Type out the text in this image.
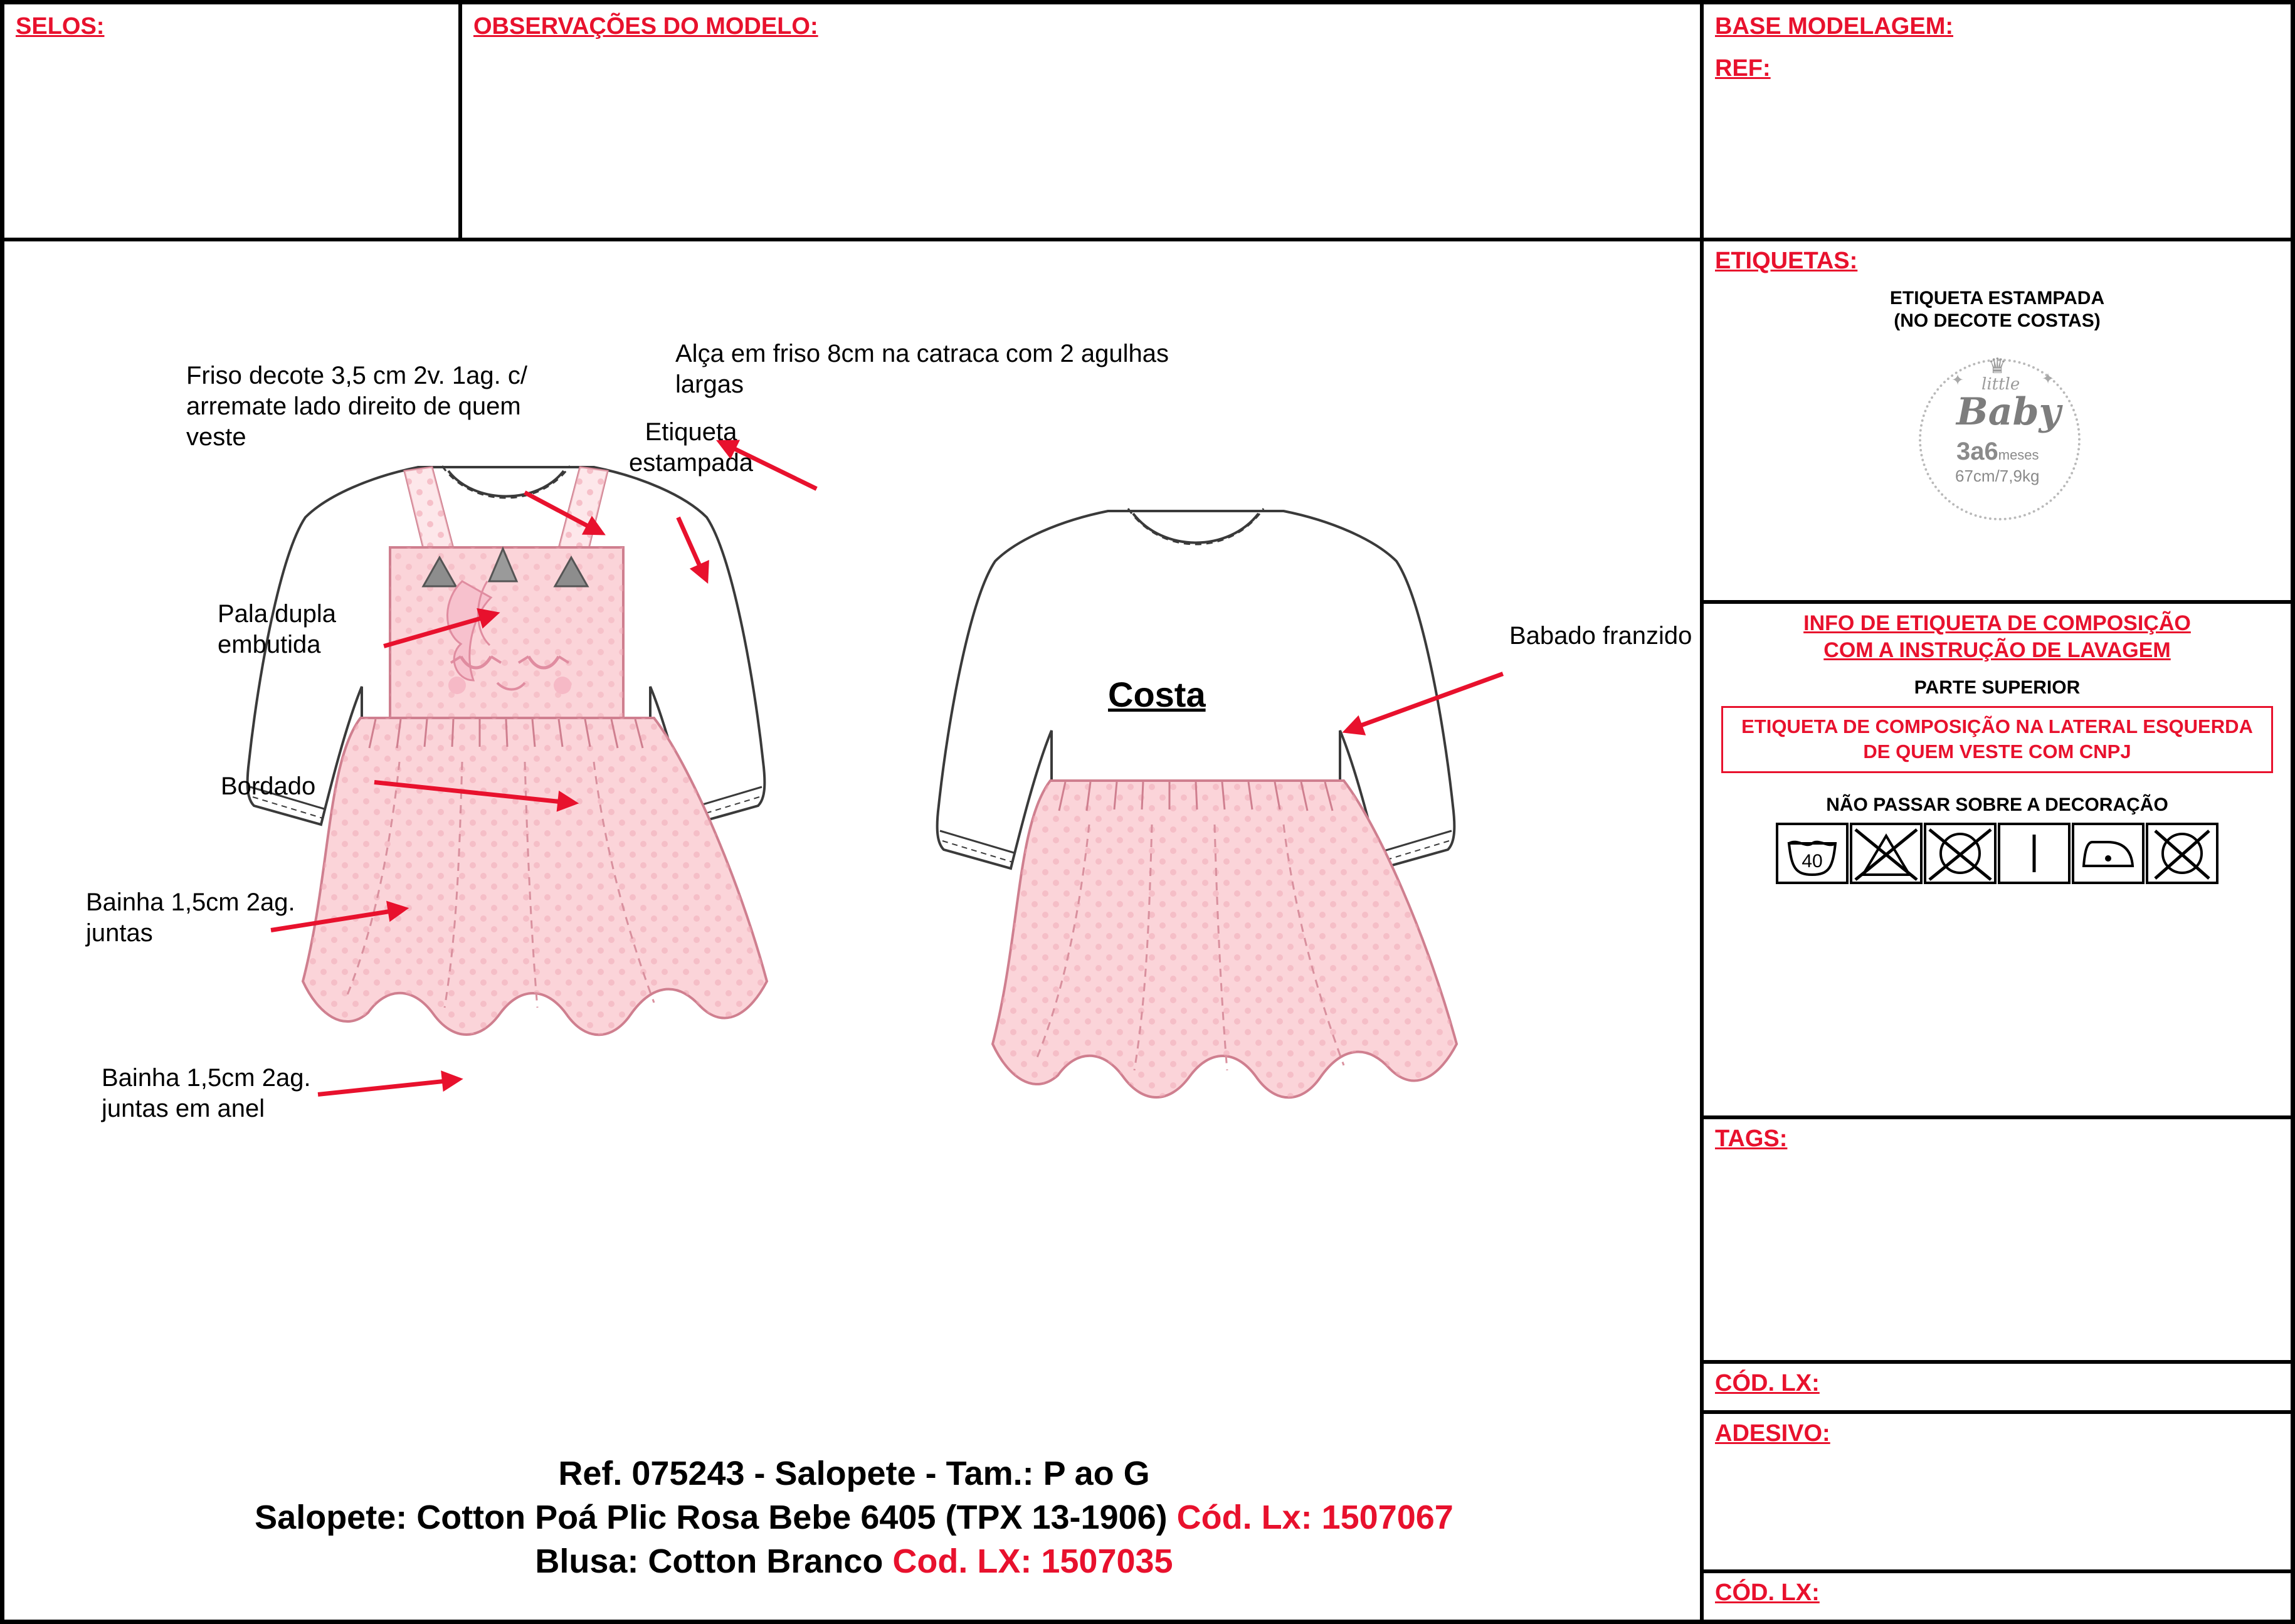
SELOS:	OBSERVAÇÕES DO MODELO:	BASE MODELAGEM:
REF:
Costa
Friso decote 3,5 cm 2v. 1ag. c/ arremate lado direito de quem veste	Etiqueta estampada
Alça em friso 8cm na catraca com 2 agulhas largas
Pala dupla embutida
Bordado
Bainha 1,5cm 2ag. juntas
Bainha 1,5cm 2ag. juntas em anel
Babado franzido
Ref. 075243 - Salopete - Tam.: P ao G
Salopete: Cotton Poá Plic Rosa Bebe 6405 (TPX 13-1906) Cód. Lx: 1507067
Blusa: Cotton Branco Cod. LX: 1507035
ETIQUETAS:
ETIQUETA ESTAMPADA
(NO DECOTE COSTAS)
♛
✦	✦
little
Baby
3a6meses
67cm/7,9kg
INFO DE ETIQUETA DE COMPOSIÇÃO
COM A INSTRUÇÃO DE LAVAGEM
PARTE SUPERIOR
ETIQUETA DE COMPOSIÇÃO NA LATERAL ESQUERDA DE QUEM VESTE COM CNPJ
NÃO PASSAR SOBRE A DECORAÇÃO
40
TAGS:
CÓD. LX:
ADESIVO:
CÓD. LX:
